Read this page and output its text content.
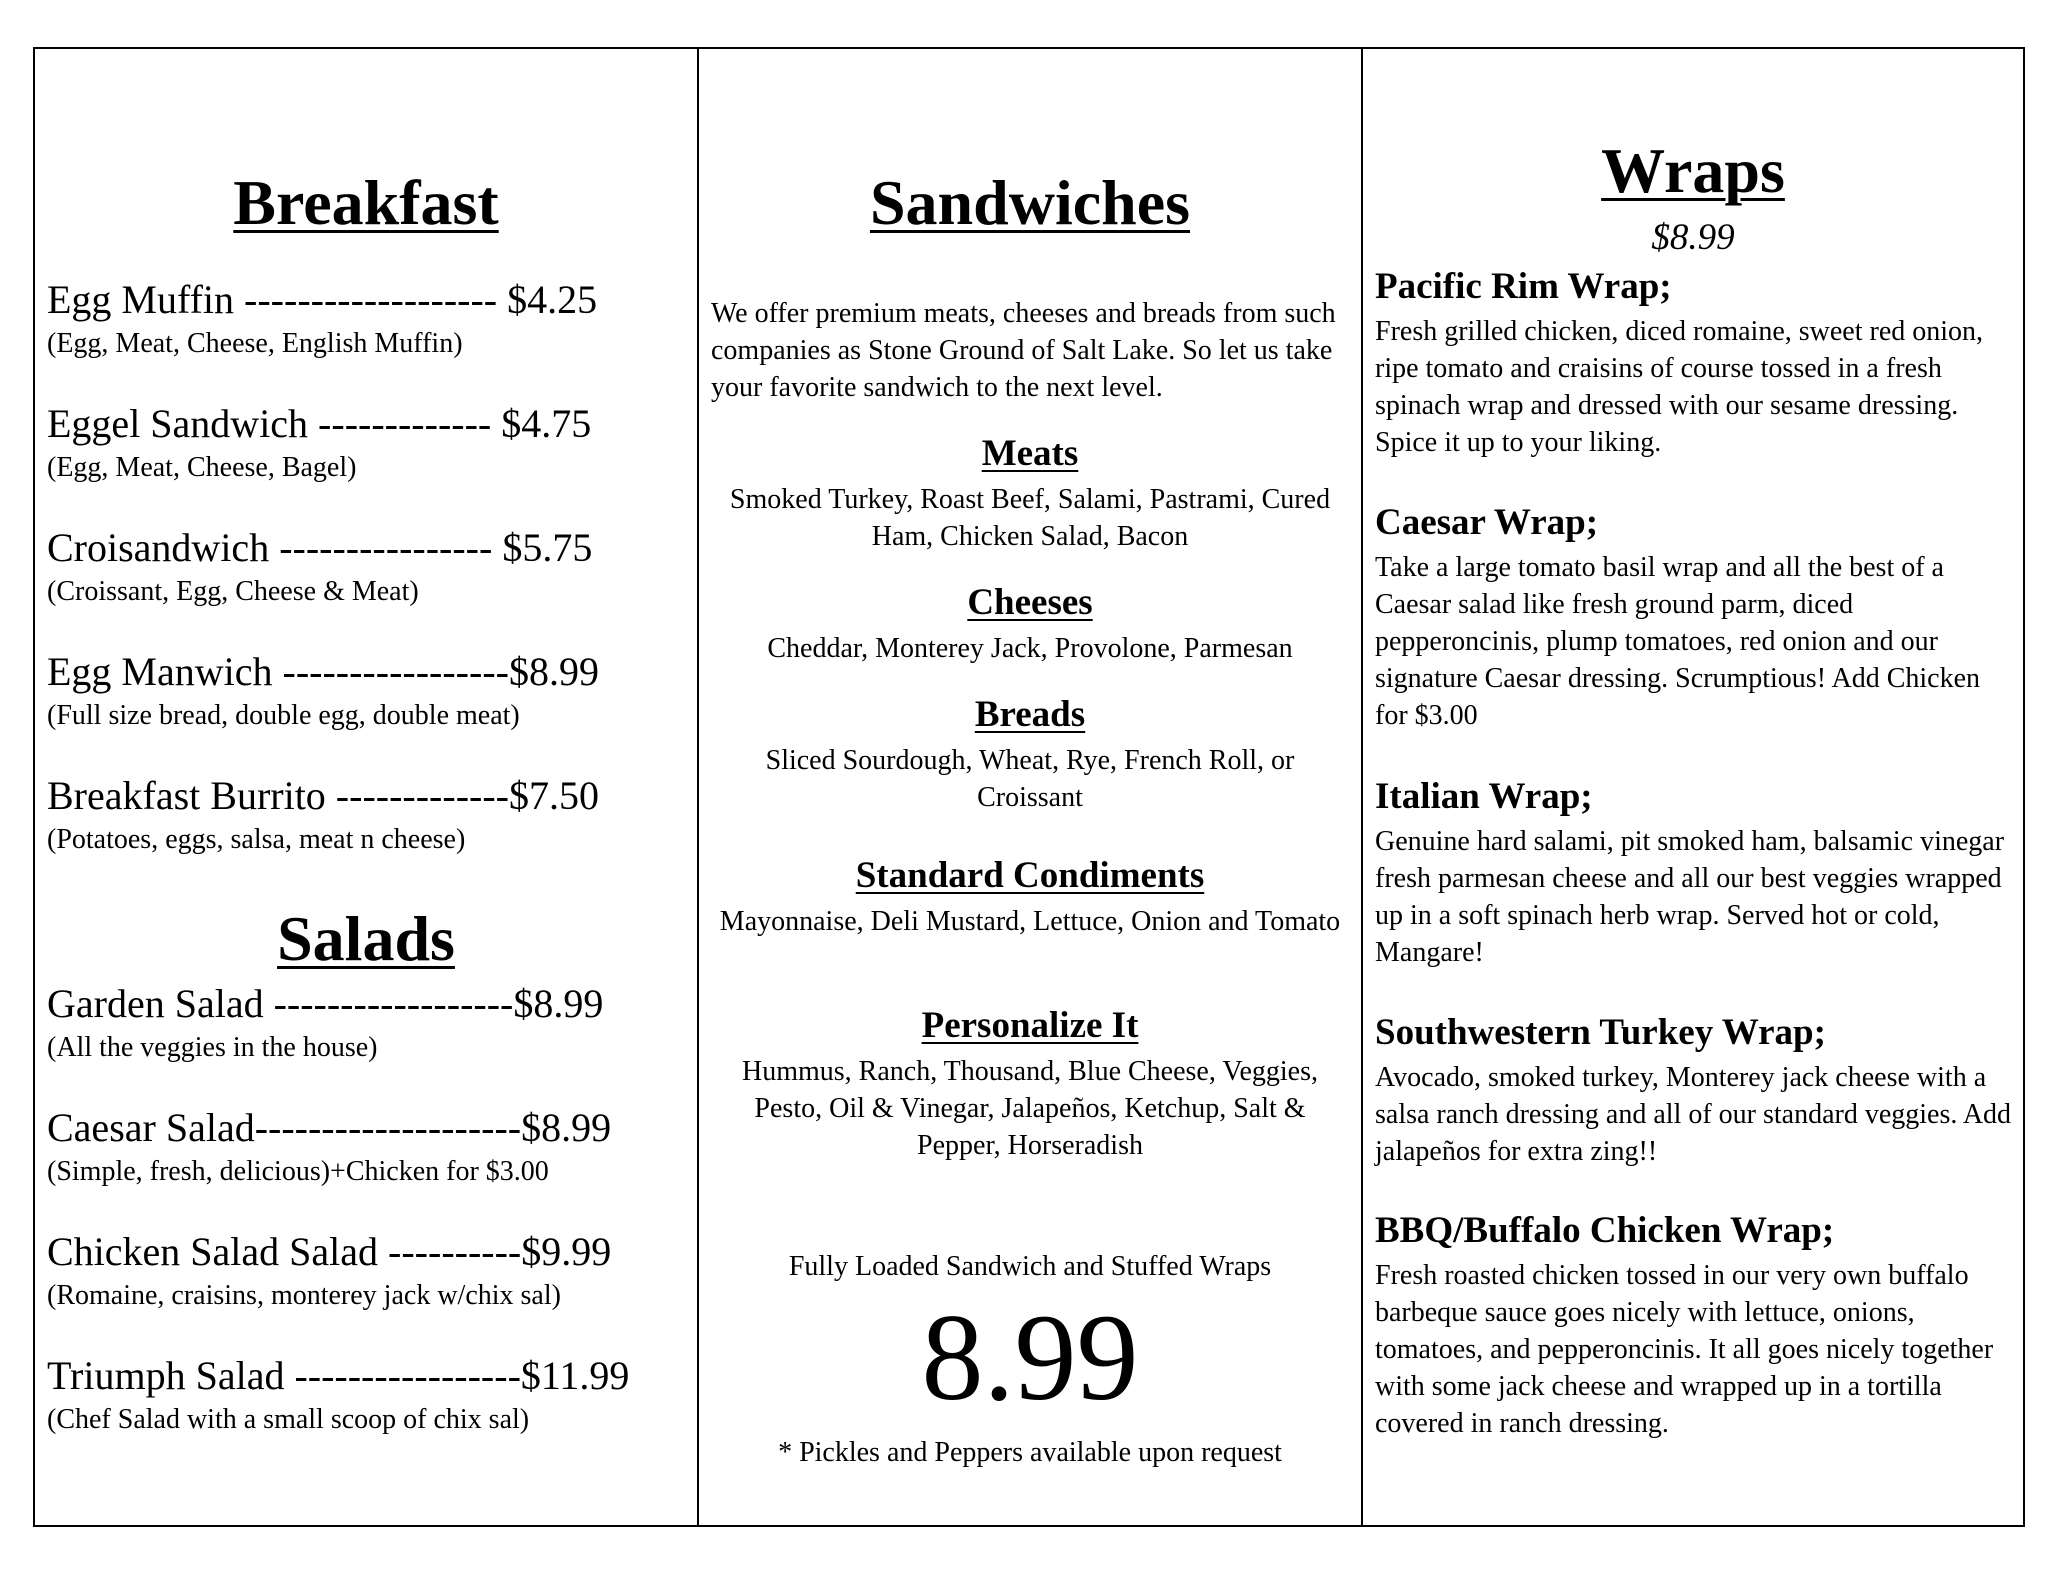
Breakfast
Egg Muffin ------------------- $4.25
(Egg, Meat, Cheese, English Muffin)
Eggel Sandwich ------------- $4.75
(Egg, Meat, Cheese, Bagel)
Croisandwich ---------------- $5.75
(Croissant, Egg, Cheese & Meat)
Egg Manwich -----------------$8.99
(Full size bread, double egg, double meat)
Breakfast Burrito -------------$7.50
(Potatoes, eggs, salsa, meat n cheese)
Salads
Garden Salad ------------------$8.99
(All the veggies in the house)
Caesar Salad--------------------$8.99
(Simple, fresh, delicious)+Chicken for $3.00
Chicken Salad Salad ----------$9.99
(Romaine, craisins, monterey jack w/chix sal)
Triumph Salad -----------------$11.99
(Chef Salad with a small scoop of chix sal)
Sandwiches
We offer premium meats, cheeses and breads from such companies as Stone Ground of Salt Lake. So let us take your favorite sandwich to the next level.
Meats
Smoked Turkey, Roast Beef, Salami, Pastrami, Cured Ham, Chicken Salad, Bacon
Cheeses
Cheddar, Monterey Jack, Provolone, Parmesan
Breads
Sliced Sourdough, Wheat, Rye, French Roll, or Croissant
Standard Condiments
Mayonnaise, Deli Mustard, Lettuce, Onion and Tomato
Personalize It
Hummus, Ranch, Thousand, Blue Cheese, Veggies, Pesto, Oil & Vinegar, Jalapeños, Ketchup, Salt & Pepper, Horseradish
Fully Loaded Sandwich and Stuffed Wraps
8.99
* Pickles and Peppers available upon request
Wraps
$8.99
Pacific Rim Wrap;
Fresh grilled chicken, diced romaine, sweet red onion, ripe tomato and craisins of course tossed in a fresh spinach wrap and dressed with our sesame dressing. Spice it up to your liking.
Caesar Wrap;
Take a large tomato basil wrap and all the best of a Caesar salad like fresh ground parm, diced pepperoncinis, plump tomatoes, red onion and our signature Caesar dressing. Scrumptious! Add Chicken for $3.00
Italian Wrap;
Genuine hard salami, pit smoked ham, balsamic vinegar fresh parmesan cheese and all our best veggies wrapped up in a soft spinach herb wrap. Served hot or cold, Mangare!
Southwestern Turkey Wrap;
Avocado, smoked turkey, Monterey jack cheese with a salsa ranch dressing and all of our standard veggies. Add jalapeños for extra zing!!
BBQ/Buffalo Chicken Wrap;
Fresh roasted chicken tossed in our very own buffalo barbeque sauce goes nicely with lettuce, onions, tomatoes, and pepperoncinis. It all goes nicely together with some jack cheese and wrapped up in a tortilla covered in ranch dressing.
